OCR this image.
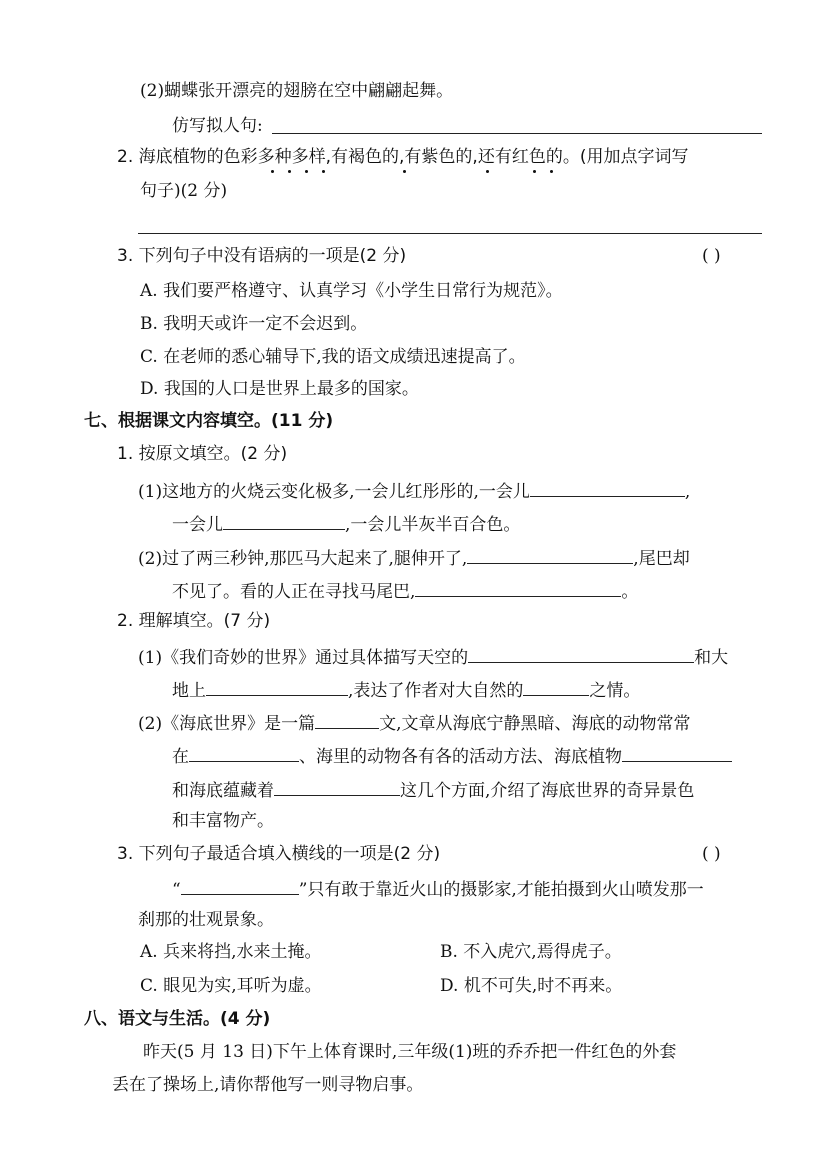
(2)蝴蝶张开漂亮的翅膀在空中翩翩起舞。
仿写拟人句:
2. 海底植物的色彩多种多样,有褐色的,有紫色的,还有红色的。(用加点字词写
句子)(2 分)
3. 下列句子中没有语病的一项是(2 分)	( )
A. 我们要严格遵守、认真学习《小学生日常行为规范》。
B. 我明天或许一定不会迟到。
C. 在老师的悉心辅导下,我的语文成绩迅速提高了。
D. 我国的人口是世界上最多的国家。
七、根据课文内容填空。(11 分)
1. 按原文填空。(2 分)
(1)这地方的火烧云变化极多,一会儿红彤彤的,一会儿	,
一会儿	,一会儿半灰半百合色。
(2)过了两三秒钟,那匹马大起来了,腿伸开了,	,尾巴却
不见了。看的人正在寻找马尾巴,	。
2. 理解填空。(7 分)
(1)《我们奇妙的世界》通过具体描写天空的	和大
地上	,表达了作者对大自然的	之情。
(2)《海底世界》是一篇	文,文章从海底宁静黑暗、海底的动物常常
在	、海里的动物各有各的活动方法、海底植物
和海底蕴藏着	这几个方面,介绍了海底世界的奇异景色
和丰富物产。
3. 下列句子最适合填入横线的一项是(2 分)	( )
“	”只有敢于靠近火山的摄影家,才能拍摄到火山喷发那一
刹那的壮观景象。
A. 兵来将挡,水来土掩。	B. 不入虎穴,焉得虎子。
C. 眼见为实,耳听为虚。	D. 机不可失,时不再来。
八、语文与生活。(4 分)
昨天(5 月 13 日)下午上体育课时,三年级(1)班的乔乔把一件红色的外套
丢在了操场上,请你帮他写一则寻物启事。
